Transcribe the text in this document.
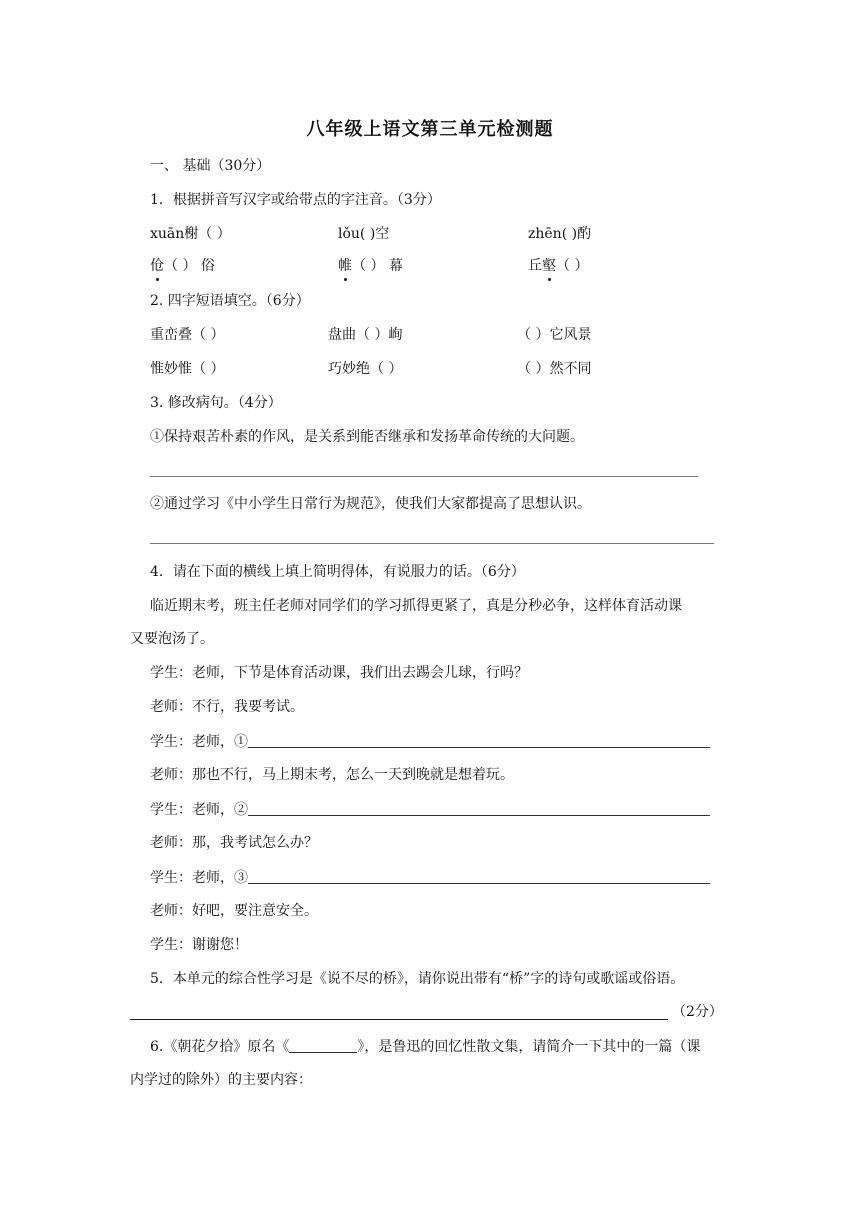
八年级上语文第三单元检测题
一、 基础（30分）
1．根据拼音写汉字或给带点的字注音。（3分）
xuān榭（ ）	lǒu( )空	zhēn( )酌
伧（ ） 俗	帷（ ） 幕	丘壑（ ）
2. 四字短语填空。（6分）
重峦叠（ ）	盘曲（ ）峋	（ ）它风景
惟妙惟（ ）	巧妙绝（ ）	（ ）然不同
3. 修改病句。（4分）
①保持艰苦朴素的作风，是关系到能否继承和发扬革命传统的大问题。
②通过学习《中小学生日常行为规范》，使我们大家都提高了思想认识。
4．请在下面的横线上填上简明得体，有说服力的话。（6分）
临近期末考，班主任老师对同学们的学习抓得更紧了，真是分秒必争，这样体育活动课
又要泡汤了。
学生：老师，下节是体育活动课，我们出去踢会儿球，行吗？
老师：不行，我要考试。
学生：老师，①
老师：那也不行，马上期末考，怎么一天到晚就是想着玩。
学生：老师，②
老师：那，我考试怎么办？
学生：老师，③
老师：好吧，要注意安全。
学生：谢谢您！
5．本单元的综合性学习是《说不尽的桥》，请你说出带有“桥”字的诗句或歌谣或俗语。
（2分）
6.《朝花夕拾》原名《	》，是鲁迅的回忆性散文集，请简介一下其中的一篇（课
内学过的除外）的主要内容：
